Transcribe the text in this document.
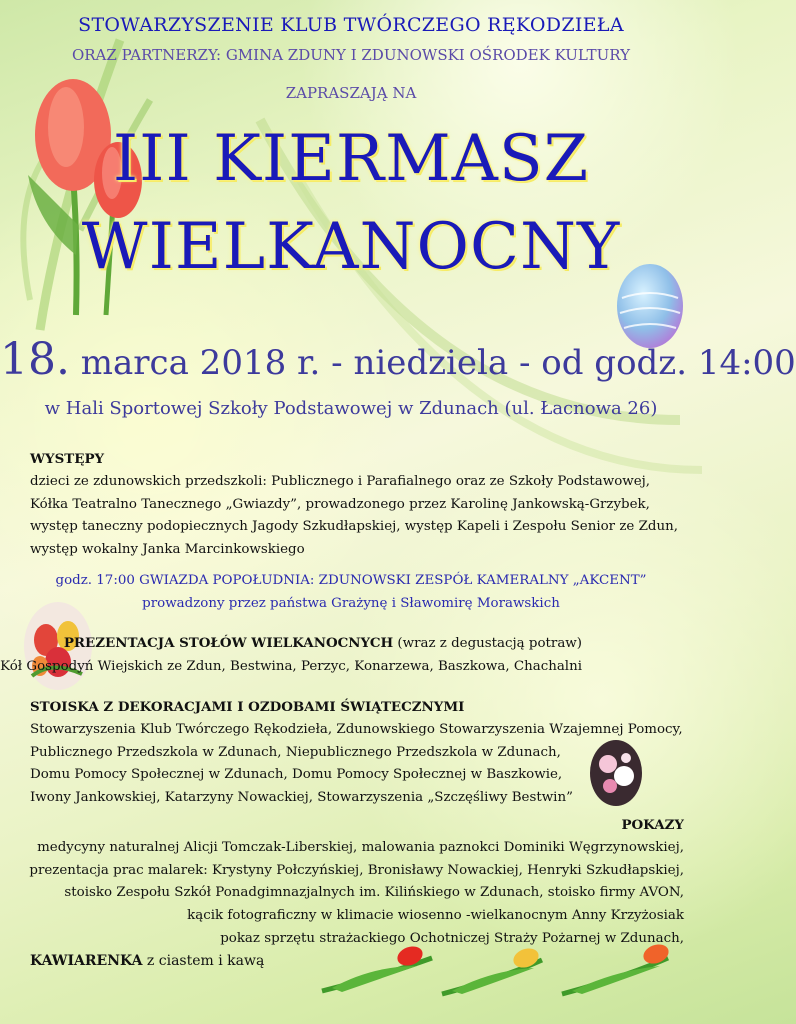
STOWARZYSZENIE KLUB TWÓRCZEGO RĘKODZIEŁA
ORAZ PARTNERZY: GMINA ZDUNY I ZDUNOWSKI OŚRODEK KULTURY
ZAPRASZAJĄ NA
III KIERMASZ
WIELKANOCNY
18. marca 2018 r. - niedziela - od godz. 14:00
w Hali Sportowej Szkoły Podstawowej w Zdunach (ul. Łacnowa 26)
WYSTĘPY
dzieci ze zdunowskich przedszkoli: Publicznego i Parafialnego oraz ze Szkoły Podstawowej,
Kółka Teatralno Tanecznego „Gwiazdy”, prowadzonego przez Karolinę Jankowską-Grzybek,
występ taneczny podopiecznych Jagody Szkudłapskiej, występ Kapeli i Zespołu Senior ze Zdun,
występ wokalny Janka Marcinkowskiego
godz. 17:00 GWIAZDA POPOŁUDNIA: ZDUNOWSKI ZESPÓŁ KAMERALNY „AKCENT”
prowadzony przez państwa Grażynę i Sławomirę Morawskich
PREZENTACJA STOŁÓW WIELKANOCNYCH (wraz z degustacją potraw)
Kół Gospodyń Wiejskich ze Zdun, Bestwina, Perzyc, Konarzewa, Baszkowa, Chachalni
STOISKA Z DEKORACJAMI I OZDOBAMI ŚWIĄTECZNYMI
Stowarzyszenia Klub Twórczego Rękodzieła, Zdunowskiego Stowarzyszenia Wzajemnej Pomocy,
Publicznego Przedszkola w Zdunach, Niepublicznego Przedszkola w Zdunach,
Domu Pomocy Społecznej w Zdunach, Domu Pomocy Społecznej w Baszkowie,
Iwony Jankowskiej, Katarzyny Nowackiej, Stowarzyszenia „Szczęśliwy Bestwin”
POKAZY
medycyny naturalnej Alicji Tomczak-Liberskiej, malowania paznokci Dominiki Węgrzynowskiej,
prezentacja prac malarek: Krystyny Połczyńskiej, Bronisławy Nowackiej, Henryki Szkudłapskiej,
stoisko Zespołu Szkół Ponadgimnazjalnych im. Kilińskiego w Zdunach, stoisko firmy AVON,
kącik fotograficzny w klimacie wiosenno -wielkanocnym Anny Krzyżosiak
pokaz sprzętu strażackiego Ochotniczej Straży Pożarnej w Zdunach,
KAWIARENKA z ciastem i kawą
